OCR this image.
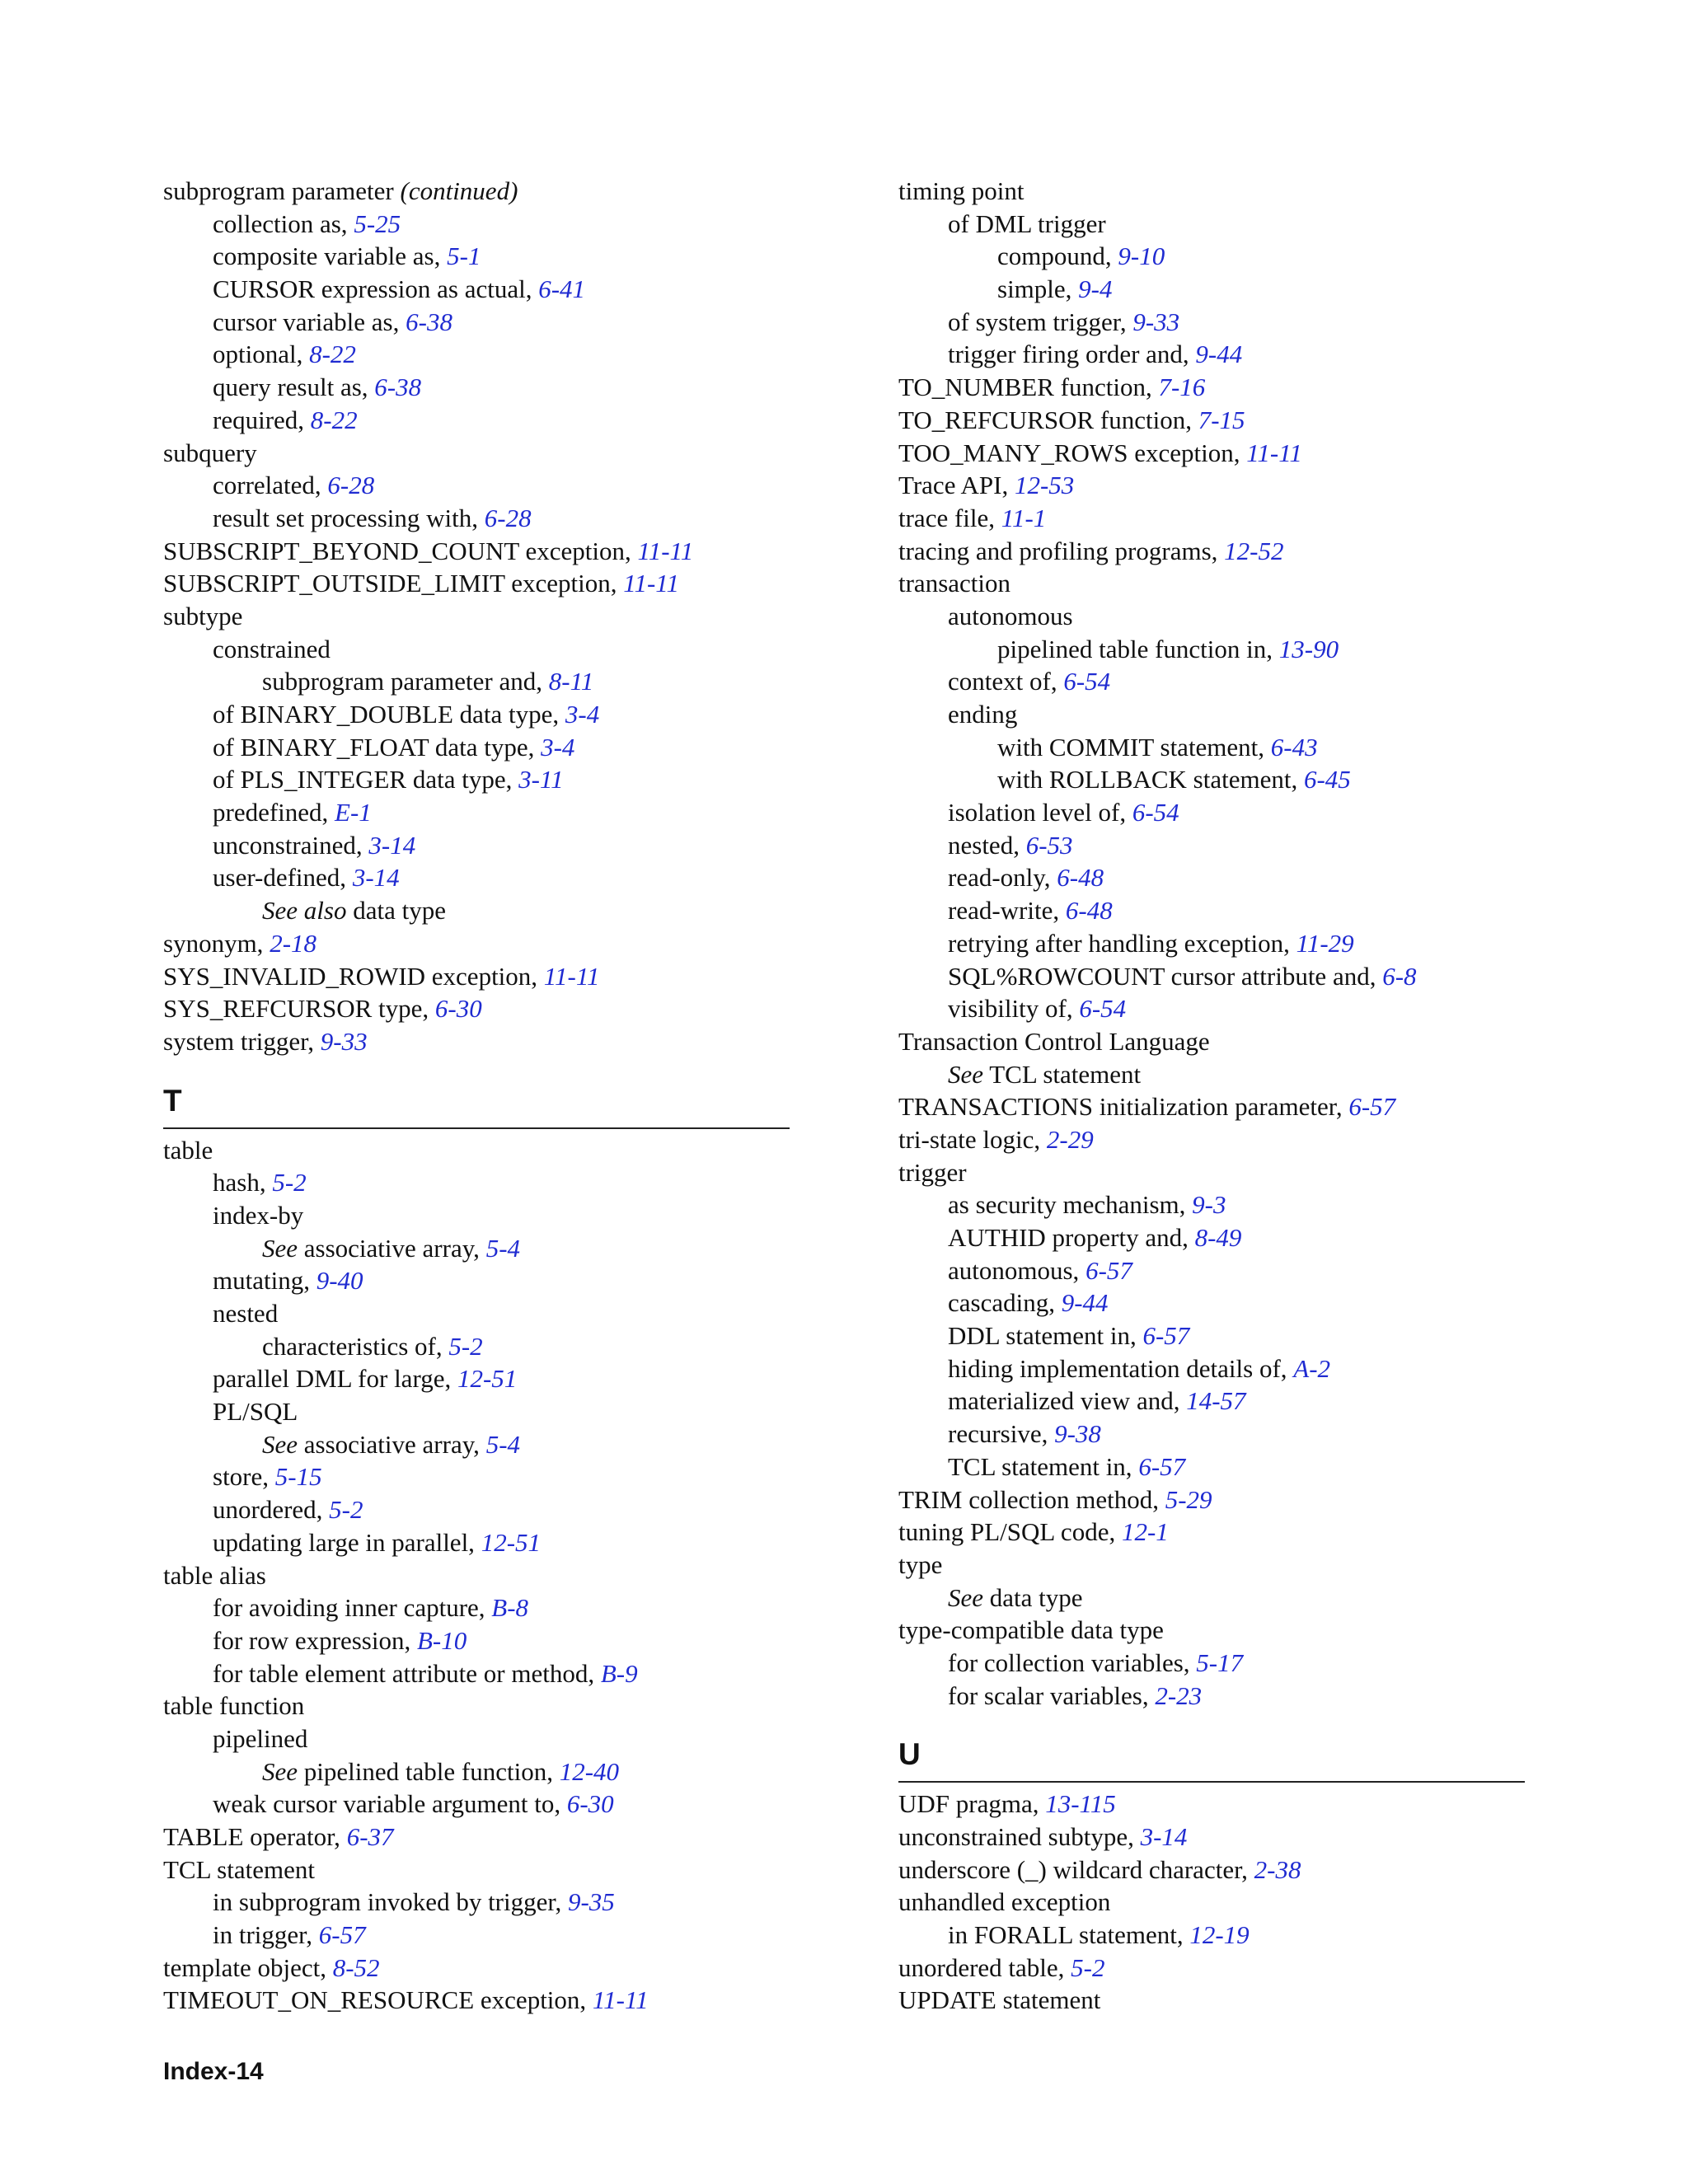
subprogram parameter (continued)
collection as, 5-25
composite variable as, 5-1
CURSOR expression as actual, 6-41
cursor variable as, 6-38
optional, 8-22
query result as, 6-38
required, 8-22
subquery
correlated, 6-28
result set processing with, 6-28
SUBSCRIPT_BEYOND_COUNT exception, 11-11
SUBSCRIPT_OUTSIDE_LIMIT exception, 11-11
subtype
constrained
subprogram parameter and, 8-11
of BINARY_DOUBLE data type, 3-4
of BINARY_FLOAT data type, 3-4
of PLS_INTEGER data type, 3-11
predefined, E-1
unconstrained, 3-14
user-defined, 3-14
See also data type
synonym, 2-18
SYS_INVALID_ROWID exception, 11-11
SYS_REFCURSOR type, 6-30
system trigger, 9-33
T
table
hash, 5-2
index-by
See associative array, 5-4
mutating, 9-40
nested
characteristics of, 5-2
parallel DML for large, 12-51
PL/SQL
See associative array, 5-4
store, 5-15
unordered, 5-2
updating large in parallel, 12-51
table alias
for avoiding inner capture, B-8
for row expression, B-10
for table element attribute or method, B-9
table function
pipelined
See pipelined table function, 12-40
weak cursor variable argument to, 6-30
TABLE operator, 6-37
TCL statement
in subprogram invoked by trigger, 9-35
in trigger, 6-57
template object, 8-52
TIMEOUT_ON_RESOURCE exception, 11-11
timing point
of DML trigger
compound, 9-10
simple, 9-4
of system trigger, 9-33
trigger firing order and, 9-44
TO_NUMBER function, 7-16
TO_REFCURSOR function, 7-15
TOO_MANY_ROWS exception, 11-11
Trace API, 12-53
trace file, 11-1
tracing and profiling programs, 12-52
transaction
autonomous
pipelined table function in, 13-90
context of, 6-54
ending
with COMMIT statement, 6-43
with ROLLBACK statement, 6-45
isolation level of, 6-54
nested, 6-53
read-only, 6-48
read-write, 6-48
retrying after handling exception, 11-29
SQL%ROWCOUNT cursor attribute and, 6-8
visibility of, 6-54
Transaction Control Language
See TCL statement
TRANSACTIONS initialization parameter, 6-57
tri-state logic, 2-29
trigger
as security mechanism, 9-3
AUTHID property and, 8-49
autonomous, 6-57
cascading, 9-44
DDL statement in, 6-57
hiding implementation details of, A-2
materialized view and, 14-57
recursive, 9-38
TCL statement in, 6-57
TRIM collection method, 5-29
tuning PL/SQL code, 12-1
type
See data type
type-compatible data type
for collection variables, 5-17
for scalar variables, 2-23
U
UDF pragma, 13-115
unconstrained subtype, 3-14
underscore (_) wildcard character, 2-38
unhandled exception
in FORALL statement, 12-19
unordered table, 5-2
UPDATE statement
Index-14
